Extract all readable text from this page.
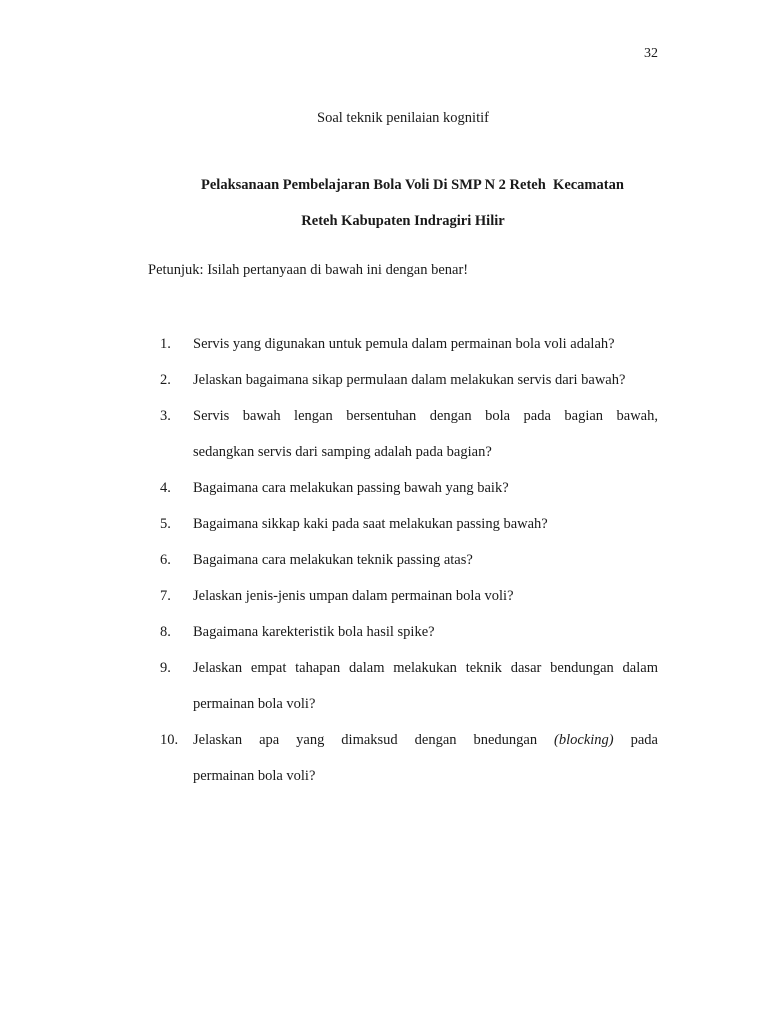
32
Soal teknik penilaian kognitif
Pelaksanaan Pembelajaran Bola Voli Di SMP N 2 Reteh  Kecamatan
Reteh Kabupaten Indragiri Hilir
Petunjuk: Isilah pertanyaan di bawah ini dengan benar!
1. Servis yang digunakan untuk pemula dalam permainan bola voli adalah?
2. Jelaskan bagaimana sikap permulaan dalam melakukan servis dari bawah?
3. Servis bawah lengan bersentuhan dengan bola pada bagian bawah,
sedangkan servis dari samping adalah pada bagian?
4. Bagaimana cara melakukan passing bawah yang baik?
5. Bagaimana sikkap kaki pada saat melakukan passing bawah?
6. Bagaimana cara melakukan teknik passing atas?
7. Jelaskan jenis-jenis umpan dalam permainan bola voli?
8. Bagaimana karekteristik bola hasil spike?
9. Jelaskan empat tahapan dalam melakukan teknik dasar bendungan dalam
permainan bola voli?
10. Jelaskan apa yang dimaksud dengan bnedungan (blocking) pada
permainan bola voli?
